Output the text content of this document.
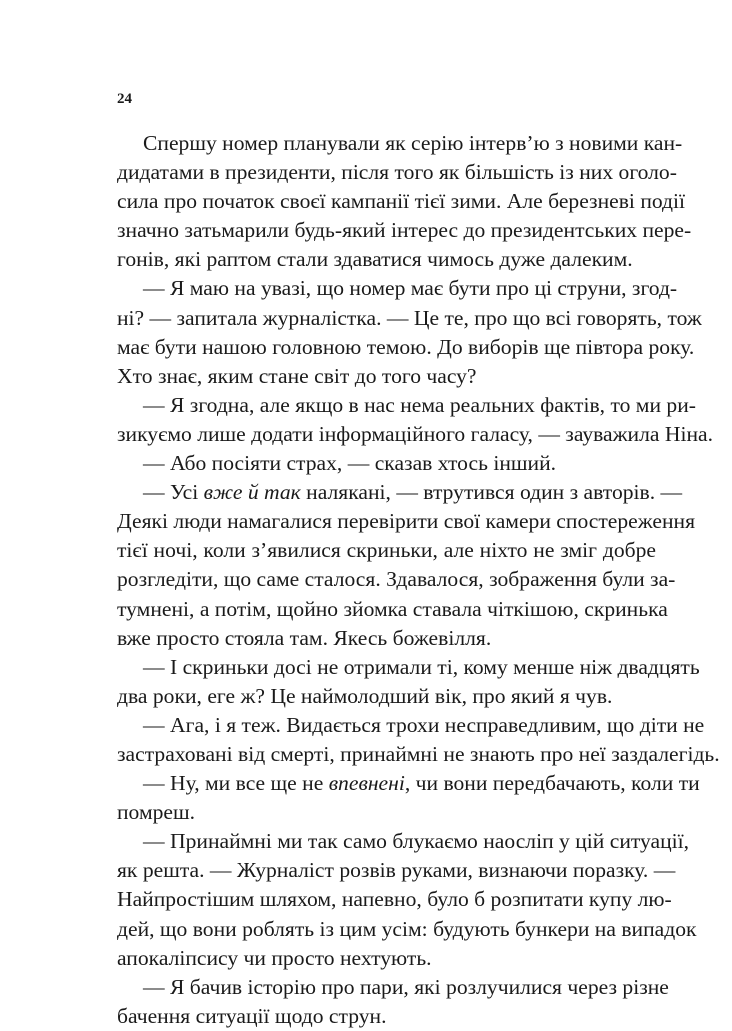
24

Спершу номер планували як серію інтерв’ю з новими кан-
дидатами в президенти, після того як більшість із них оголо-
сила про початок своєї кампанії тієї зими. Але березневі події
значно затьмарили будь-який інтерес до президентських пере-
гонів, які раптом стали здаватися чимось дуже далеким.

— Я маю на увазі, що номер має бути про ці струни, згод-
ні? — запитала журналістка. — Це те, про що всі говорять, тож
має бути нашою головною темою. До виборів ще півтора року.
Хто знає, яким стане світ до того часу?

— Я згодна, але якщо в нас нема реальних фактів, то ми ри-
зикуємо лише додати інформаційного галасу, — зауважила Ніна.

— Або посіяти страх, — сказав хтось інший.

— Усі вже й так налякані, — втрутився один з авторів. —
Деякі люди намагалися перевірити свої камери спостереження
тієї ночі, коли з’явилися скриньки, але ніхто не зміг добре
розгледіти, що саме сталося. Здавалося, зображення були за-
тумнені, а потім, щойно зйомка ставала чіткішою, скринька
вже просто стояла там. Якесь божевілля.

— І скриньки досі не отримали ті, кому менше ніж двадцять
два роки, еге ж? Це наймолодший вік, про який я чув.

— Ага, і я теж. Видається трохи несправедливим, що діти не
застраховані від смерті, принаймні не знають про неї заздалегідь.

— Ну, ми все ще не впевнені, чи вони передбачають, коли ти
помреш.

— Принаймні ми так само блукаємо наосліп у цій ситуації,
як решта. — Журналіст розвів руками, визнаючи поразку. —
Найпростішим шляхом, напевно, було б розпитати купу лю-
дей, що вони роблять із цим усім: будують бункери на випадок
апокаліпсису чи просто нехтують.

— Я бачив історію про пари, які розлучилися через різне
бачення ситуації щодо струн.
